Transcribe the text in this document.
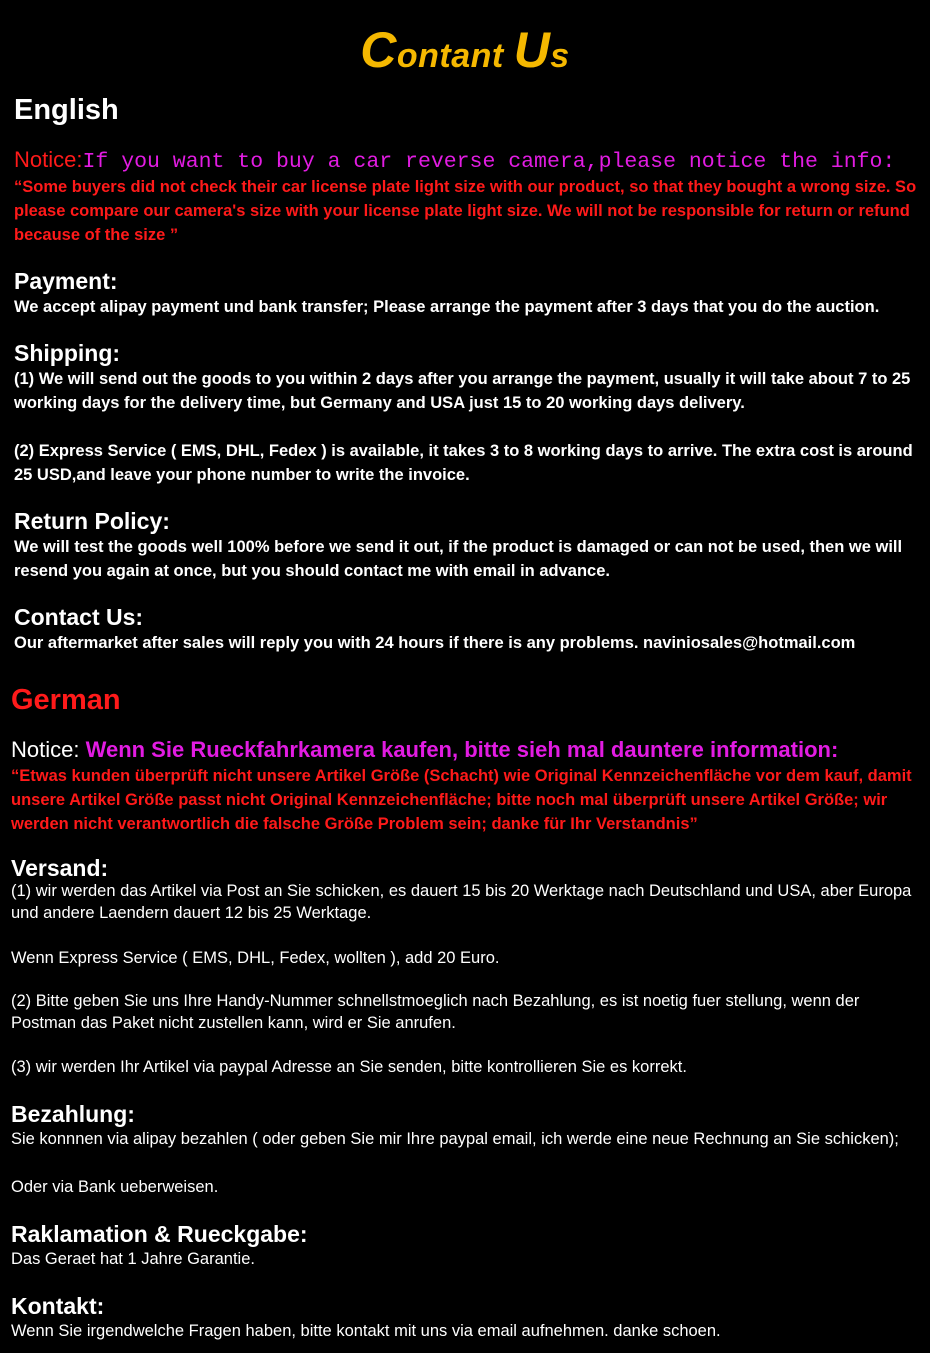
Contant Us
English
Notice:If you want to buy a car reverse camera,please notice the info:
“Some buyers did not check their car license plate light size with our product, so that they bought a wrong size. So please compare our camera's size with your license plate light size. We will not be responsible for return or refund because of the size ”
Payment:
We accept alipay payment und bank transfer; Please arrange the payment after 3 days that you do the auction.
Shipping:
(1) We will send out the goods to you within 2 days after you arrange the payment, usually it will take about 7 to 25 working days for the delivery time, but Germany and USA just 15 to 20 working days delivery.
(2) Express Service ( EMS, DHL, Fedex ) is available, it takes 3 to 8 working days to arrive. The extra cost is around 25 USD,and leave your phone number to write the invoice.
Return Policy:
We will test the goods well 100% before we send it out, if the product is damaged or can not be used, then we will resend you again at once, but you should contact me with email in advance.
Contact Us:
Our aftermarket after sales will reply you with 24 hours if there is any problems. naviniosales@hotmail.com
German
Notice: Wenn Sie Rueckfahrkamera kaufen, bitte sieh mal dauntere information:
“Etwas kunden überprüft nicht unsere Artikel Größe (Schacht) wie Original Kennzeichenfläche vor dem kauf, damit unsere Artikel Größe passt nicht Original Kennzeichenfläche; bitte noch mal überprüft unsere Artikel Größe; wir werden nicht verantwortlich die falsche Größe Problem sein; danke für Ihr Verstandnis”
Versand:
(1) wir werden das Artikel via Post an Sie schicken, es dauert 15 bis 20 Werktage nach Deutschland und USA, aber Europa und andere Laendern dauert 12 bis 25 Werktage.
Wenn Express Service ( EMS, DHL, Fedex, wollten ), add 20 Euro.
(2) Bitte geben Sie uns Ihre Handy-Nummer schnellstmoeglich nach Bezahlung, es ist noetig fuer stellung, wenn der Postman das Paket nicht zustellen kann, wird er Sie anrufen.
(3) wir werden Ihr Artikel via paypal Adresse an Sie senden, bitte kontrollieren Sie es korrekt.
Bezahlung:
Sie konnnen via alipay bezahlen ( oder geben Sie mir Ihre paypal email, ich werde eine neue Rechnung an Sie schicken);
Oder via Bank ueberweisen.
Raklamation & Rueckgabe:
Das Geraet hat 1 Jahre Garantie.
Kontakt:
Wenn Sie irgendwelche Fragen haben, bitte kontakt mit uns via email aufnehmen. danke schoen.
